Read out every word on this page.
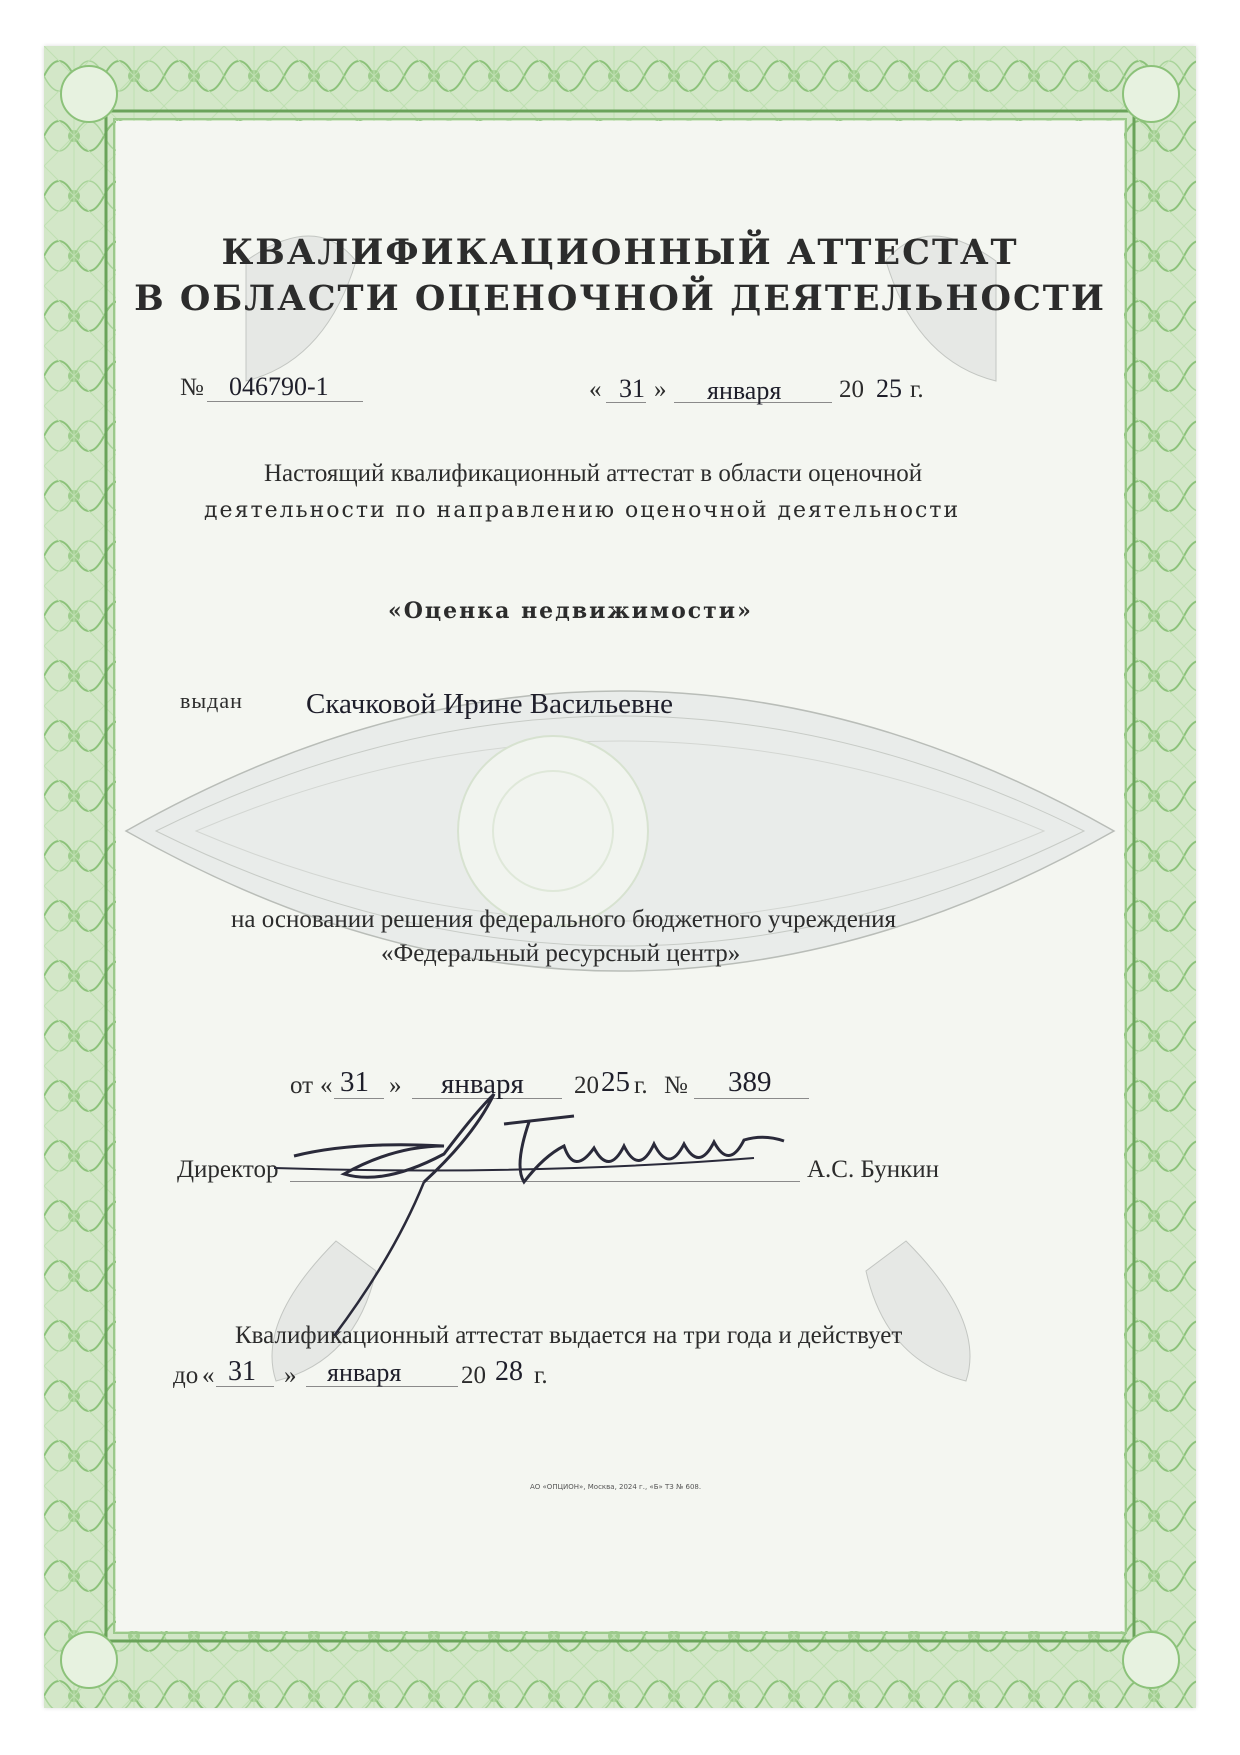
КВАЛИФИКАЦИОННЫЙ АТТЕСТАТ
В ОБЛАСТИ ОЦЕНОЧНОЙ ДЕЯТЕЛЬНОСТИ
№ 046790-1	« 31 » января 20 25 г.
Настоящий квалификационный аттестат в области оценочной
деятельности по направлению оценочной деятельности
«Оценка недвижимости»
выдан Скачковой Ирине Васильевне
на основании решения федерального бюджетного учреждения
«Федеральный ресурсный центр»
от « 31 » января 20 25 г. № 389
Директор	А.С. Бункин
Квалификационный аттестат выдается на три года и действует
до « 31 » января 20 28 г.
АО «ОПЦИОН», Москва, 2024 г., «Б» ТЗ № 608.
